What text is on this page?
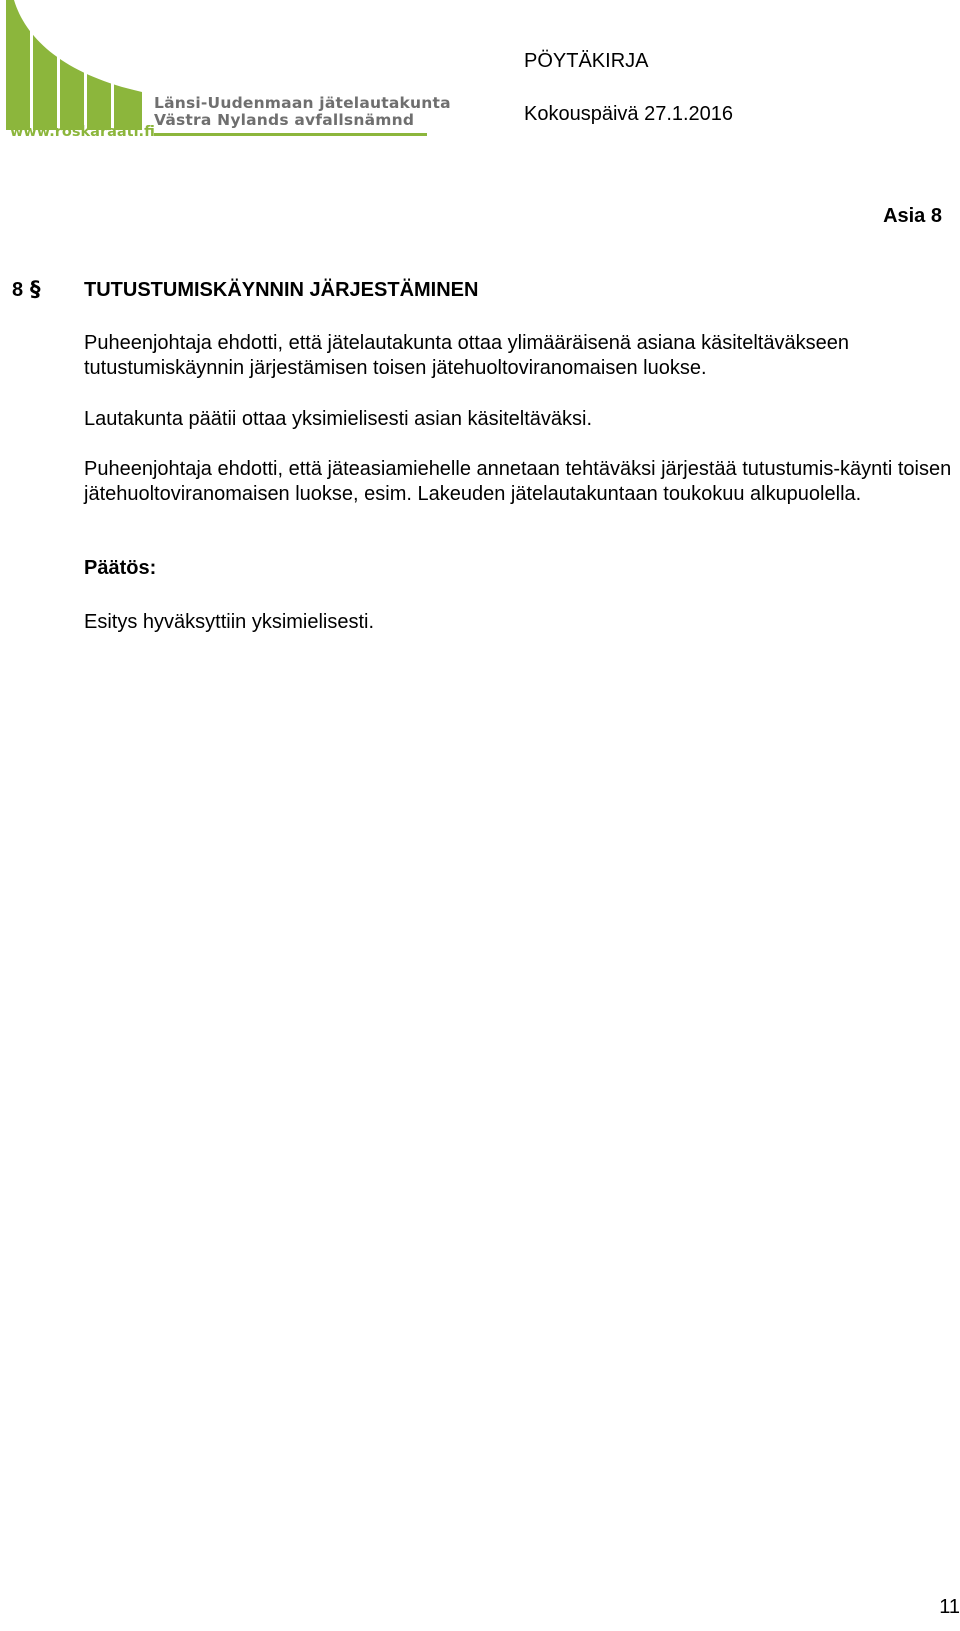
Länsi-Uudenmaan jätelautakunta
Västra Nylands avfallsnämnd
www.roskaraati.fi
PÖYTÄKIRJA
Kokouspäivä 27.1.2016
Asia 8
8 § TUTUSTUMISKÄYNNIN JÄRJESTÄMINEN

Puheenjohtaja ehdotti, että jätelautakunta ottaa ylimääräisenä asiana käsiteltäväkseen tutustumiskäynnin järjestämisen toisen jätehuoltoviranomaisen luokse.

Lautakunta päätii ottaa yksimielisesti asian käsiteltäväksi.

Puheenjohtaja ehdotti, että jäteasiamiehelle annetaan tehtäväksi järjestää tutustumis-käynti toisen jätehuoltoviranomaisen luokse, esim. Lakeuden jätelautakuntaan toukokuu alkupuolella.

Päätös:
Esitys hyväksyttiin yksimielisesti.
11
